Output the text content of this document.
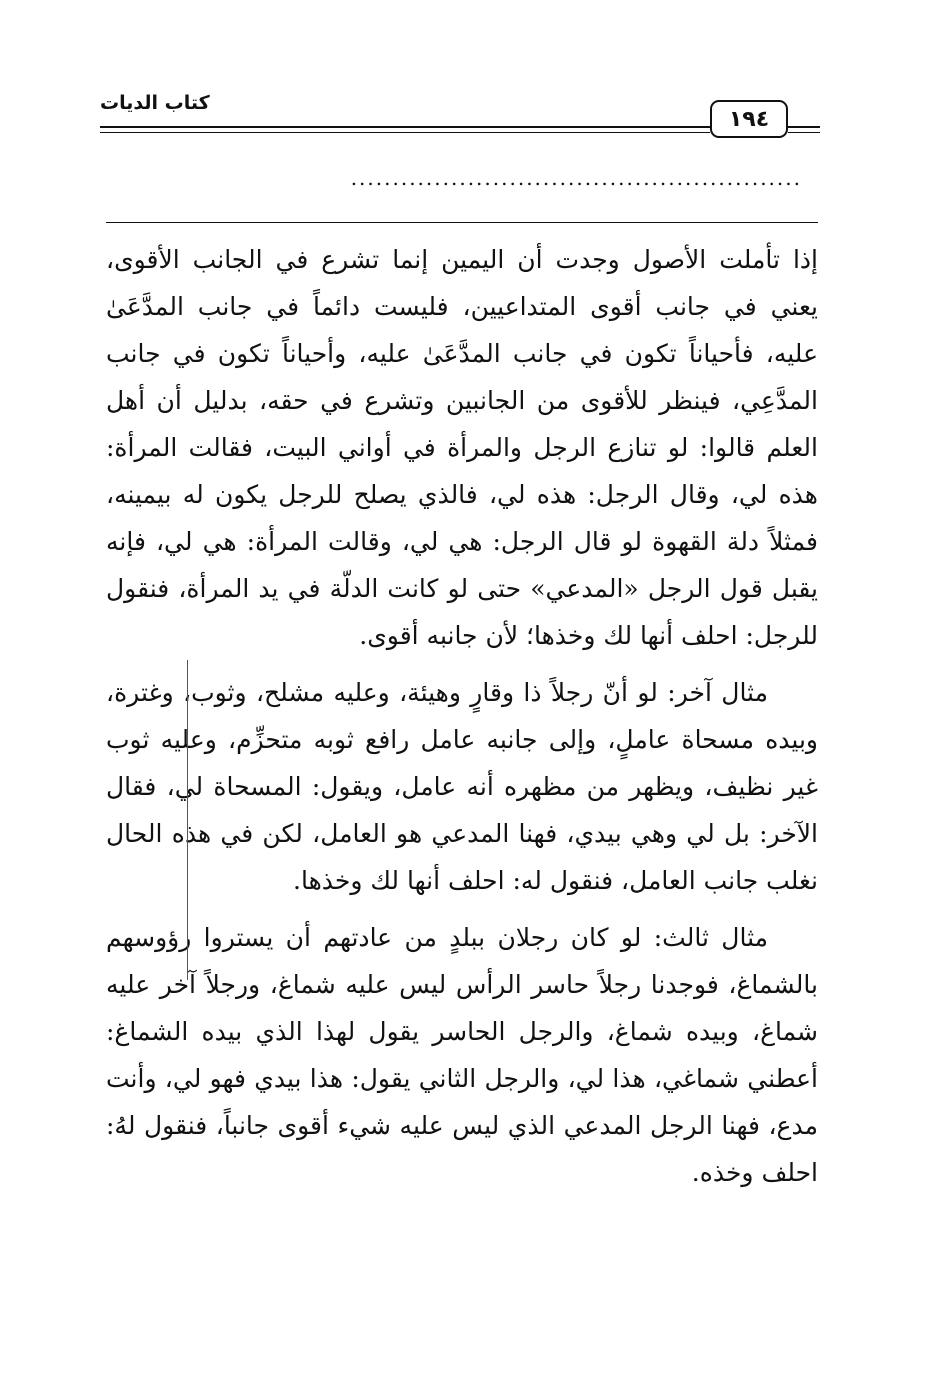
كتاب الديات
١٩٤
......................................................

إذا تأملت الأصول وجدت أن اليمين إنما تشرع في الجانب الأقوى، يعني في جانب أقوى المتداعيين، فليست دائماً في جانب المدَّعَىٰ عليه، فأحياناً تكون في جانب المدَّعَىٰ عليه، وأحياناً تكون في جانب المدَّعِي، فينظر للأقوى من الجانبين وتشرع في حقه، بدليل أن أهل العلم قالوا: لو تنازع الرجل والمرأة في أواني البيت، فقالت المرأة: هذه لي، وقال الرجل: هذه لي، فالذي يصلح للرجل يكون له بيمينه، فمثلاً دلة القهوة لو قال الرجل: هي لي، وقالت المرأة: هي لي، فإنه يقبل قول الرجل «المدعي» حتى لو كانت الدلّة في يد المرأة، فنقول للرجل: احلف أنها لك وخذها؛ لأن جانبه أقوى.

مثال آخر: لو أنّ رجلاً ذا وقارٍ وهيئة، وعليه مشلح، وثوب، وغترة، وبيده مسحاة عاملٍ، وإلى جانبه عامل رافع ثوبه متحزِّم، وعليه ثوب غير نظيف، ويظهر من مظهره أنه عامل، ويقول: المسحاة لي، فقال الآخر: بل لي وهي بيدي، فهنا المدعي هو العامل، لكن في هذه الحال نغلب جانب العامل، فنقول له: احلف أنها لك وخذها.

مثال ثالث: لو كان رجلان ببلدٍ من عادتهم أن يستروا رؤوسهم بالشماغ، فوجدنا رجلاً حاسر الرأس ليس عليه شماغ، ورجلاً آخر عليه شماغ، وبيده شماغ، والرجل الحاسر يقول لهذا الذي بيده الشماغ: أعطني شماغي، هذا لي، والرجل الثاني يقول: هذا بيدي فهو لي، وأنت مدع، فهنا الرجل المدعي الذي ليس عليه شيء أقوى جانباً، فنقول لهُ: احلف وخذه.
